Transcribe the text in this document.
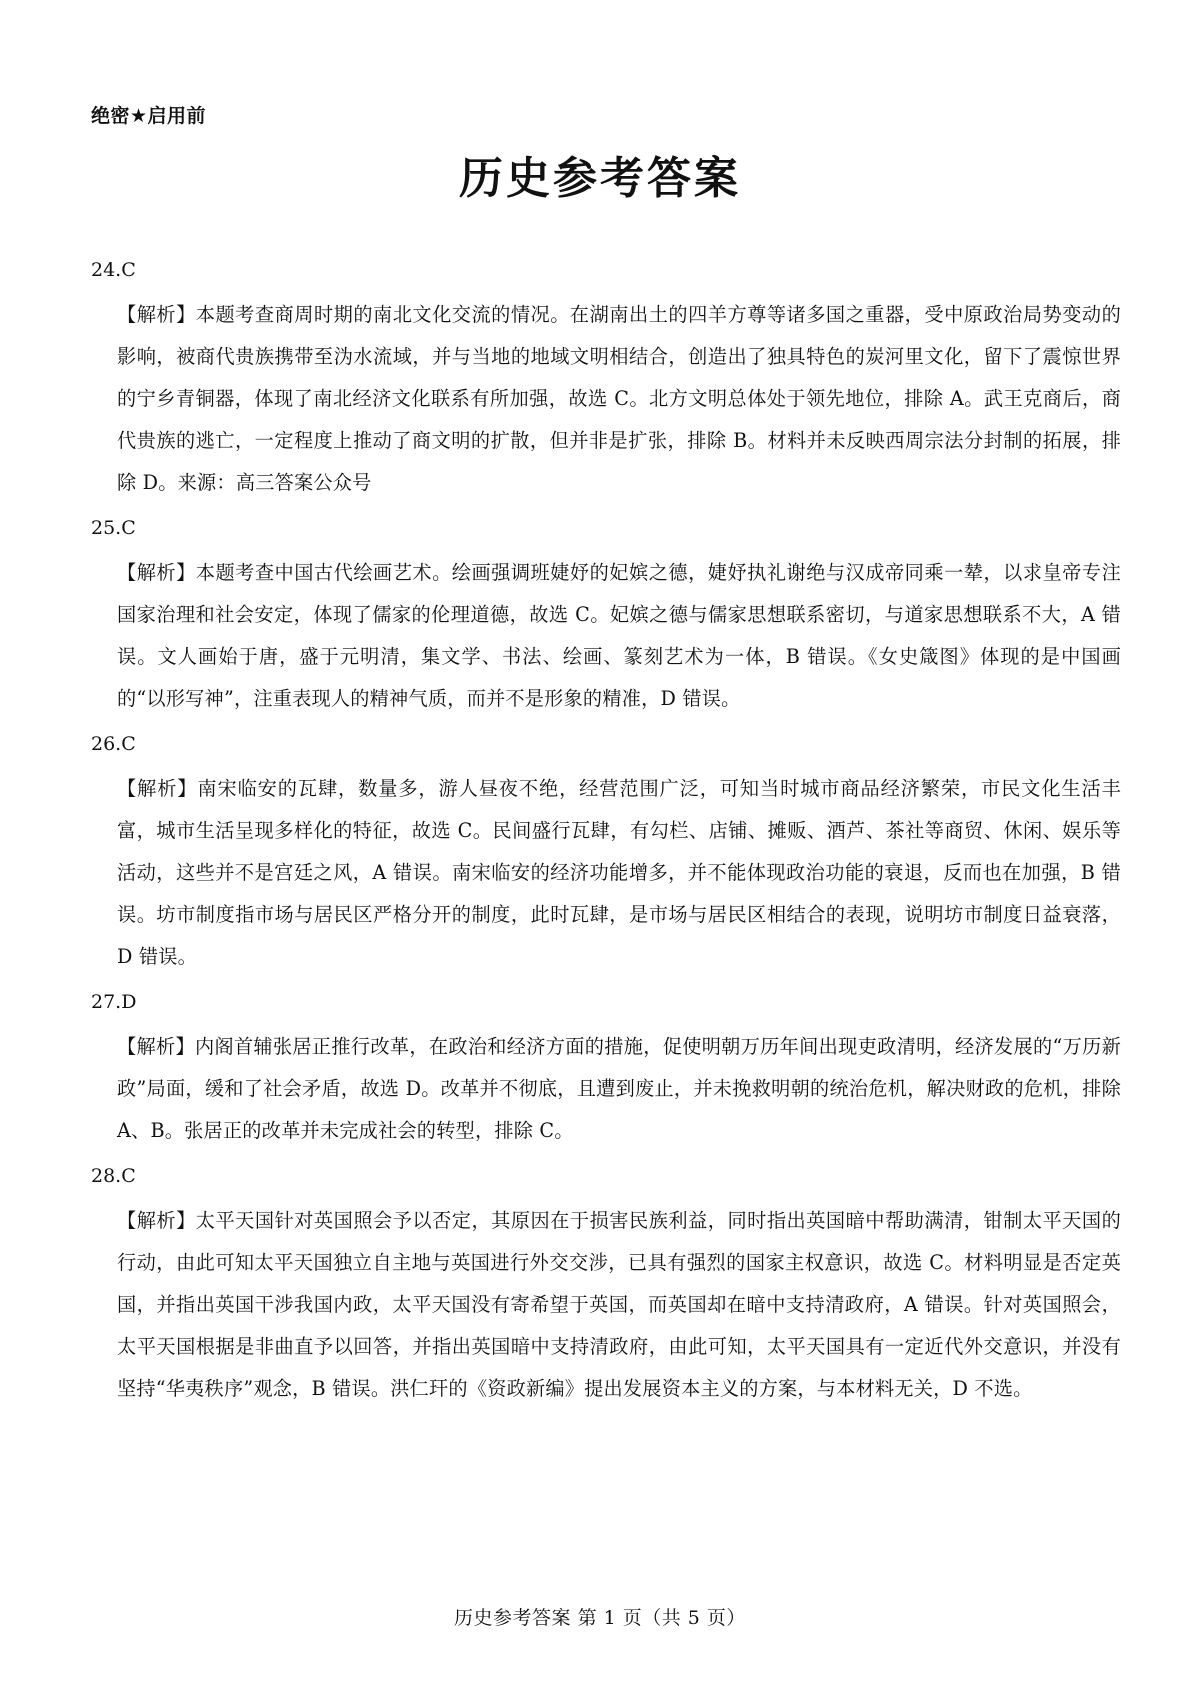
绝密★启用前
历史参考答案
24.C
【解析】本题考查商周时期的南北文化交流的情况。在湖南出土的四羊方尊等诸多国之重器，受中原政治局势变动的影响，被商代贵族携带至沩水流域，并与当地的地域文明相结合，创造出了独具特色的炭河里文化，留下了震惊世界的宁乡青铜器，体现了南北经济文化联系有所加强，故选 C。北方文明总体处于领先地位，排除 A。武王克商后，商代贵族的逃亡，一定程度上推动了商文明的扩散，但并非是扩张，排除 B。材料并未反映西周宗法分封制的拓展，排除 D。来源：高三答案公众号
25.C
【解析】本题考查中国古代绘画艺术。绘画强调班婕妤的妃嫔之德，婕妤执礼谢绝与汉成帝同乘一辇，以求皇帝专注国家治理和社会安定，体现了儒家的伦理道德，故选 C。妃嫔之德与儒家思想联系密切，与道家思想联系不大，A 错误。文人画始于唐，盛于元明清，集文学、书法、绘画、篆刻艺术为一体，B 错误。《女史箴图》体现的是中国画的“以形写神”，注重表现人的精神气质，而并不是形象的精准，D 错误。
26.C
【解析】南宋临安的瓦肆，数量多，游人昼夜不绝，经营范围广泛，可知当时城市商品经济繁荣，市民文化生活丰富，城市生活呈现多样化的特征，故选 C。民间盛行瓦肆，有勾栏、店铺、摊贩、酒芦、茶社等商贸、休闲、娱乐等活动，这些并不是宫廷之风，A 错误。南宋临安的经济功能增多，并不能体现政治功能的衰退，反而也在加强，B 错误。坊市制度指市场与居民区严格分开的制度，此时瓦肆，是市场与居民区相结合的表现，说明坊市制度日益衰落，D 错误。
27.D
【解析】内阁首辅张居正推行改革，在政治和经济方面的措施，促使明朝万历年间出现吏政清明，经济发展的“万历新政”局面，缓和了社会矛盾，故选 D。改革并不彻底，且遭到废止，并未挽救明朝的统治危机，解决财政的危机，排除 A、B。张居正的改革并未完成社会的转型，排除 C。
28.C
【解析】太平天国针对英国照会予以否定，其原因在于损害民族利益，同时指出英国暗中帮助满清，钳制太平天国的行动，由此可知太平天国独立自主地与英国进行外交交涉，已具有强烈的国家主权意识，故选 C。材料明显是否定英国，并指出英国干涉我国内政，太平天国没有寄希望于英国，而英国却在暗中支持清政府，A 错误。针对英国照会，太平天国根据是非曲直予以回答，并指出英国暗中支持清政府，由此可知，太平天国具有一定近代外交意识，并没有坚持“华夷秩序”观念，B 错误。洪仁玕的《资政新编》提出发展资本主义的方案，与本材料无关，D 不选。
历史参考答案 第 1 页（共 5 页）
